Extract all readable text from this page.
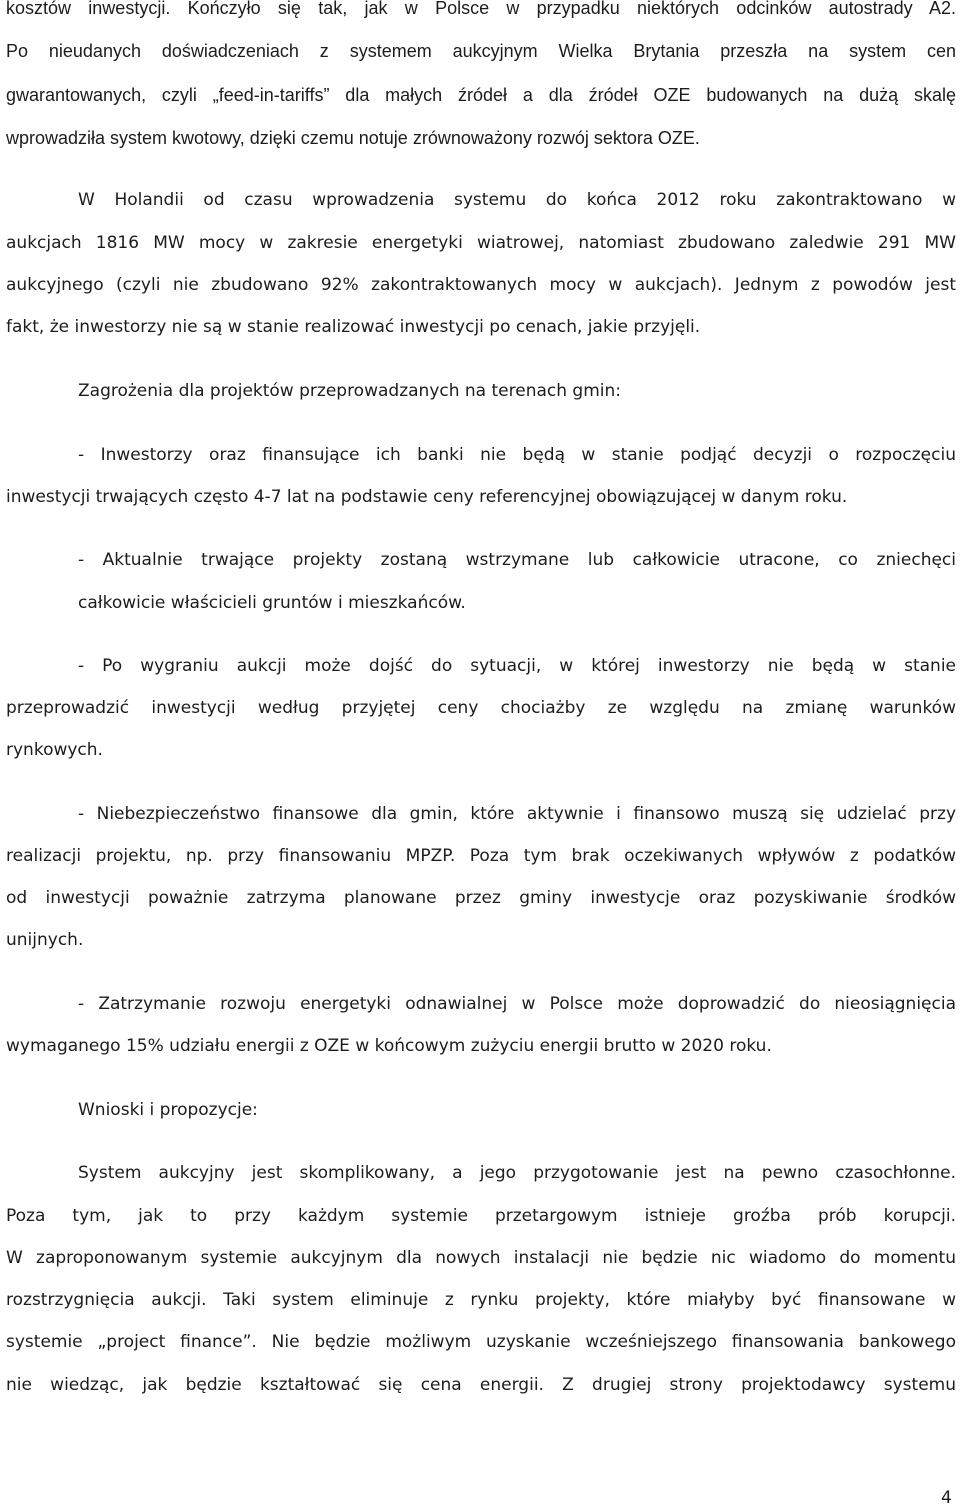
kosztów inwestycji. Kończyło się tak, jak w Polsce w przypadku niektórych odcinków autostrady A2.
Po nieudanych doświadczeniach z systemem aukcyjnym Wielka Brytania przeszła na system cen
gwarantowanych, czyli „feed-in-tariffs” dla małych źródeł a dla źródeł OZE budowanych na dużą skalę
wprowadziła system kwotowy, dzięki czemu notuje zrównoważony rozwój sektora OZE.
W Holandii od czasu wprowadzenia systemu do końca 2012 roku zakontraktowano w
aukcjach 1816 MW mocy w zakresie energetyki wiatrowej, natomiast zbudowano zaledwie 291 MW
aukcyjnego (czyli nie zbudowano 92% zakontraktowanych mocy w aukcjach). Jednym z powodów jest
fakt, że inwestorzy nie są w stanie realizować inwestycji po cenach, jakie przyjęli.
Zagrożenia dla projektów przeprowadzanych na terenach gmin:
- Inwestorzy oraz finansujące ich banki nie będą w stanie podjąć decyzji o rozpoczęciu
inwestycji trwających często 4-7 lat na podstawie ceny referencyjnej obowiązującej w danym roku.
- Aktualnie trwające projekty zostaną wstrzymane lub całkowicie utracone, co zniechęci
całkowicie właścicieli gruntów i mieszkańców.
- Po wygraniu aukcji może dojść do sytuacji, w której inwestorzy nie będą w stanie
przeprowadzić inwestycji według przyjętej ceny chociażby ze względu na zmianę warunków
rynkowych.
- Niebezpieczeństwo finansowe dla gmin, które aktywnie i finansowo muszą się udzielać przy
realizacji projektu, np. przy finansowaniu MPZP. Poza tym brak oczekiwanych wpływów z podatków
od inwestycji poważnie zatrzyma planowane przez gminy inwestycje oraz pozyskiwanie środków
unijnych.
- Zatrzymanie rozwoju energetyki odnawialnej w Polsce może doprowadzić do nieosiągnięcia
wymaganego 15% udziału energii z OZE w końcowym zużyciu energii brutto w 2020 roku.
Wnioski i propozycje:
System aukcyjny jest skomplikowany, a jego przygotowanie jest na pewno czasochłonne.
Poza tym, jak to przy każdym systemie przetargowym istnieje groźba prób korupcji.
W zaproponowanym systemie aukcyjnym dla nowych instalacji nie będzie nic wiadomo do momentu
rozstrzygnięcia aukcji. Taki system eliminuje z rynku projekty, które miałyby być finansowane w
systemie „project finance”. Nie będzie możliwym uzyskanie wcześniejszego finansowania bankowego
nie wiedząc, jak będzie kształtować się cena energii. Z drugiej strony projektodawcy systemu
4
